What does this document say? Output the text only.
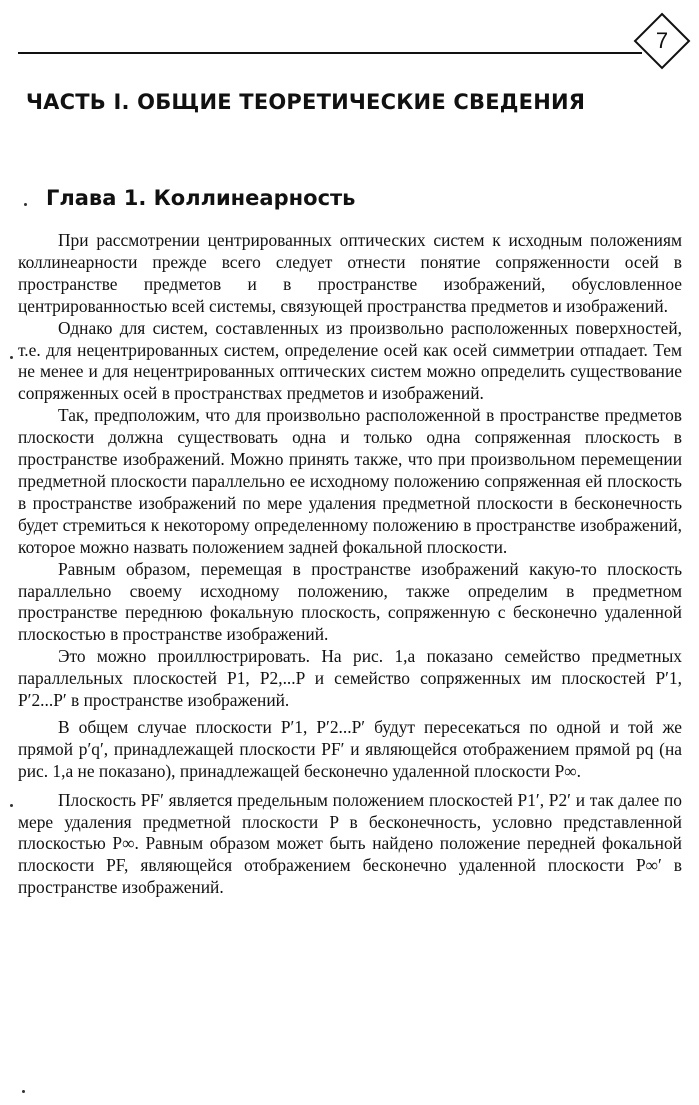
7
ЧАСТЬ I. ОБЩИЕ ТЕОРЕТИЧЕСКИЕ СВЕДЕНИЯ
Глава 1. Коллинеарность

При рассмотрении центрированных оптических систем к исходным положениям коллинеарности прежде всего следует отнести понятие сопряженности осей в пространстве предметов и в пространстве изображений, обусловленное центрированностью всей системы, связующей пространства предметов и изображений.

Однако для систем, составленных из произвольно расположенных поверхностей, т.е. для нецентрированных систем, определение осей как осей симметрии отпадает. Тем не менее и для нецентрированных оптических систем можно определить существование сопряженных осей в пространствах предметов и изображений.

Так, предположим, что для произвольно расположенной в пространстве предметов плоскости должна существовать одна и только одна сопряженная плоскость в пространстве изображений. Можно принять также, что при произвольном перемещении предметной плоскости параллельно ее исходному положению сопряженная ей плоскость в пространстве изображений по мере удаления предметной плоскости в бесконечность будет стремиться к некоторому определенному положению в пространстве изображений, которое можно назвать положением задней фокальной плоскости.

Равным образом, перемещая в пространстве изображений какую-то плоскость параллельно своему исходному положению, также определим в предметном пространстве переднюю фокальную плоскость, сопряженную с бесконечно удаленной плоскостью в пространстве изображений.

Это можно проиллюстрировать. На рис. 1,a показано семейство предметных параллельных плоскостей P1, P2,...P и семейство сопряженных им плоскостей P′1, P′2...P′ в пространстве изображений.

В общем случае плоскости P′1, P′2...P′ будут пересекаться по одной и той же прямой p′q′, принадлежащей плоскости PF′ и являющейся отображением прямой pq (на рис. 1,a не показано), принадлежащей бесконечно удаленной плоскости P∞.

Плоскость PF′ является предельным положением плоскостей P1′, P2′ и так далее по мере удаления предметной плоскости P в бесконечность, условно представленной плоскостью P∞. Равным образом может быть найдено положение передней фокальной плоскости PF, являющейся отображением бесконечно удаленной плоскости P∞′ в пространстве изображений.
